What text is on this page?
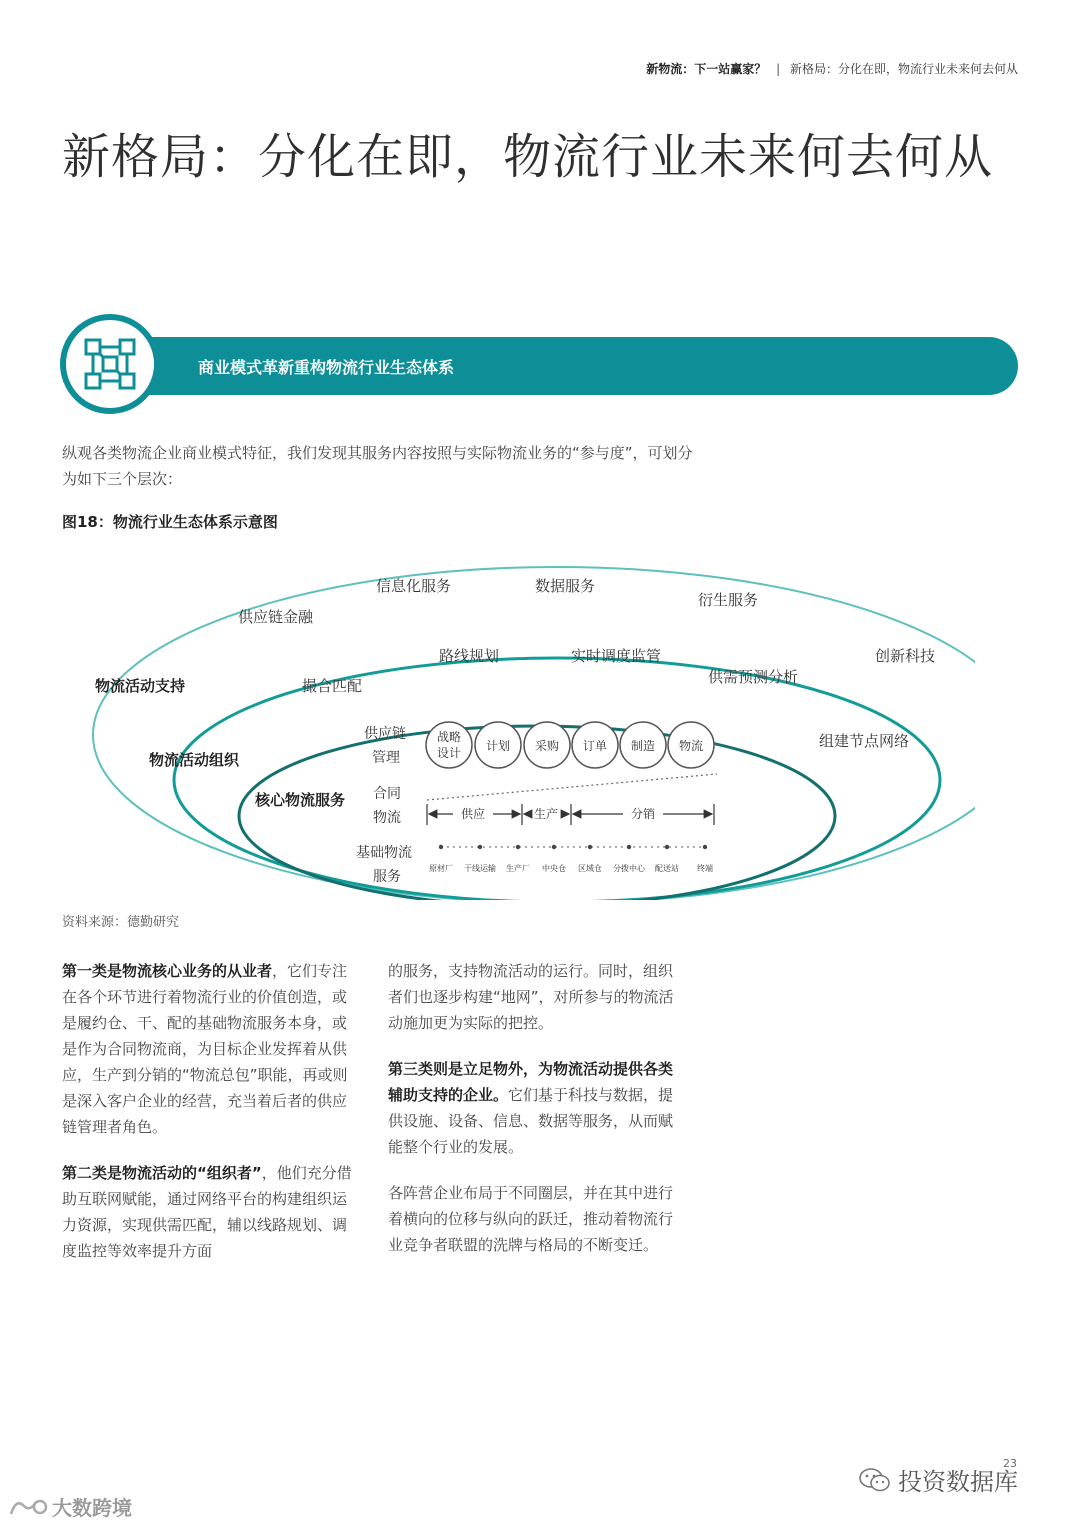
新物流：下一站赢家？ | 新格局：分化在即，物流行业未来何去何从
新格局：分化在即，物流行业未来何去何从
商业模式革新重构物流行业生态体系
纵观各类物流企业商业模式特征，我们发现其服务内容按照与实际物流业务的“参与度”，可划分为如下三个层次：
图18：物流行业生态体系示意图
物流活动支持
物流活动组织
核心物流服务
信息化服务	数据服务
供应链金融
衍生服务
创新科技
路线规划	实时调度监管
撮合匹配	供需预测分析
组建节点网络
供应链
管理
战略
设计 计划 采购 订单 制造 物流
合同
物流	供应	生产	分销
基础物流
服务
原材厂 干线运输 生产厂 中央仓 区域仓 分拨中心 配送站 终端
资料来源：德勤研究

第一类是物流核心业务的从业者，它们专注在各个环节进行着物流行业的价值创造，或是履约仓、干、配的基础物流服务本身，或是作为合同物流商，为目标企业发挥着从供应，生产到分销的“物流总包”职能，再或则是深入客户企业的经营，充当着后者的供应链管理者角色。

第二类是物流活动的“组织者”，他们充分借助互联网赋能，通过网络平台的构建组织运力资源，实现供需匹配，辅以线路规划、调度监控等效率提升方面

的服务，支持物流活动的运行。同时，组织者们也逐步构建“地网”，对所参与的物流活动施加更为实际的把控。

第三类则是立足物外，为物流活动提供各类辅助支持的企业。它们基于科技与数据，提供设施、设备、信息、数据等服务，从而赋能整个行业的发展。

各阵营企业布局于不同圈层，并在其中进行着横向的位移与纵向的跃迁，推动着物流行业竞争者联盟的洗牌与格局的不断变迁。

23
投资数据库
大数跨境
